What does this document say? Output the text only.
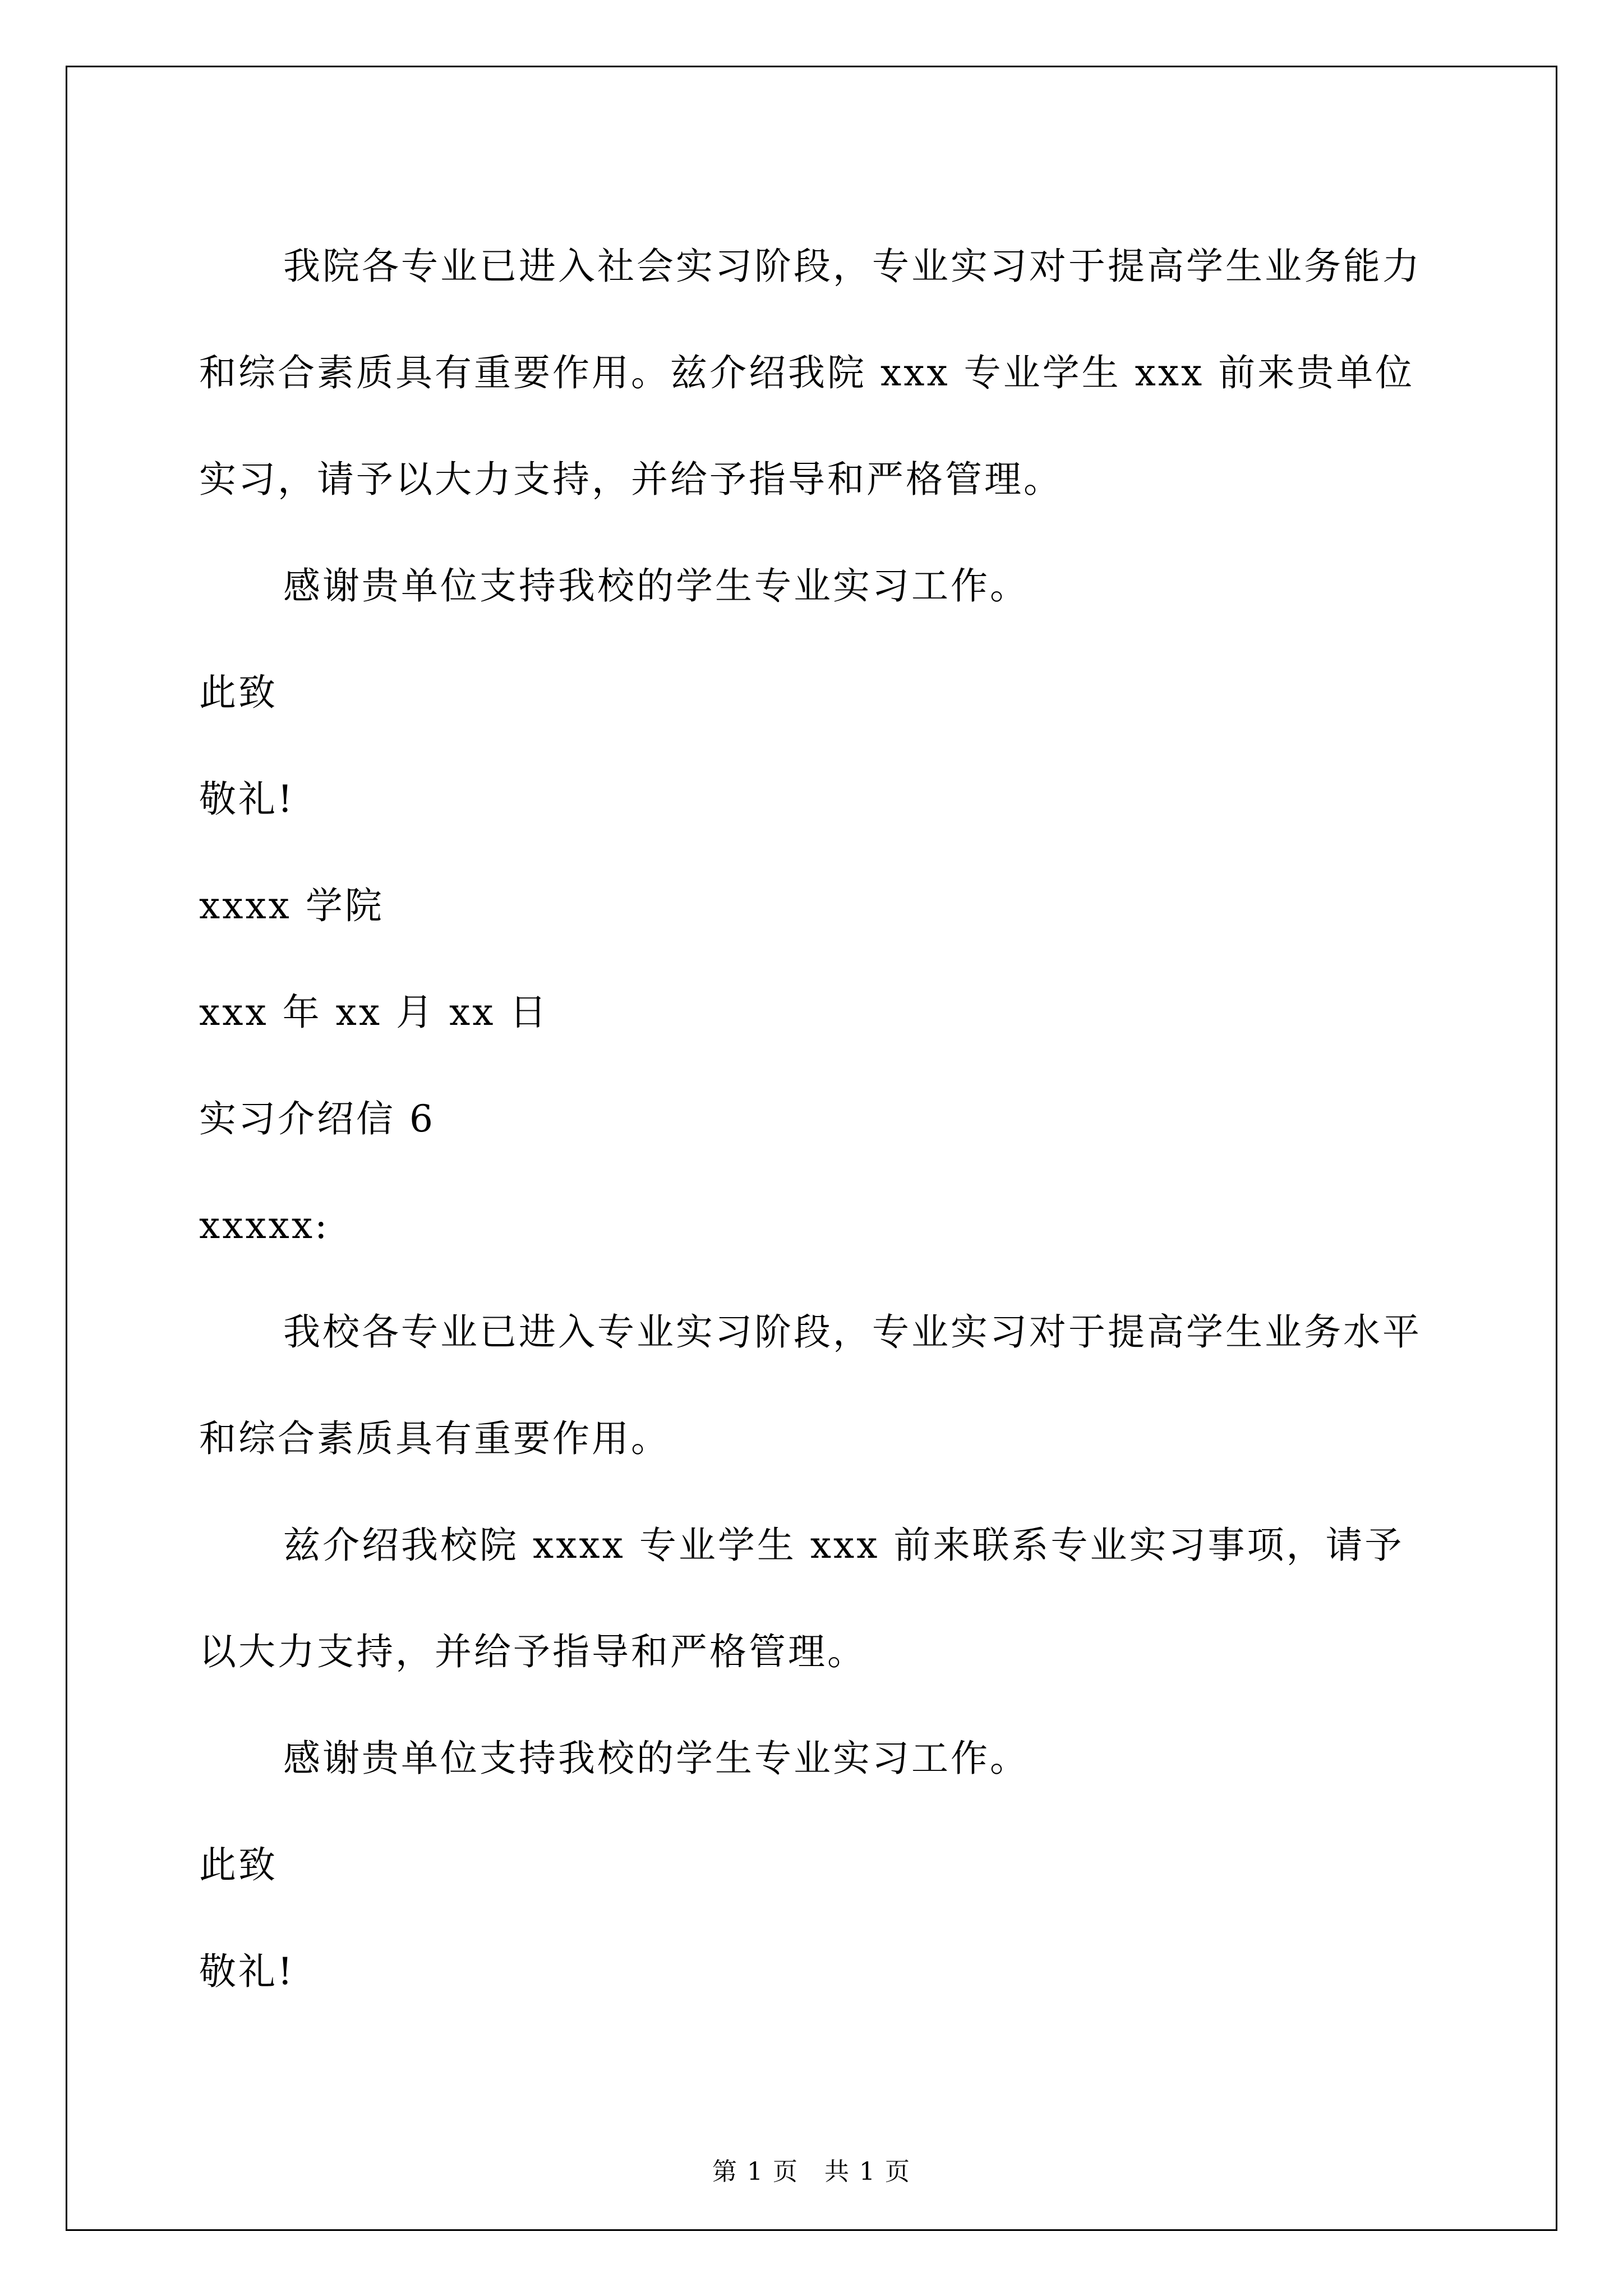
我院各专业已进入社会实习阶段，专业实习对于提高学生业务能力和综合素质具有重要作用。兹介绍我院 xxx 专业学生 xxx 前来贵单位实习，请予以大力支持，并给予指导和严格管理。

感谢贵单位支持我校的学生专业实习工作。

此致

敬礼!

xxxx 学院

xxx 年 xx 月 xx 日

实习介绍信 6

xxxxx:

我校各专业已进入专业实习阶段，专业实习对于提高学生业务水平和综合素质具有重要作用。

兹介绍我校院 xxxx 专业学生 xxx 前来联系专业实习事项，请予以大力支持，并给予指导和严格管理。

感谢贵单位支持我校的学生专业实习工作。

此致

敬礼!

第 1 页　共 1 页
